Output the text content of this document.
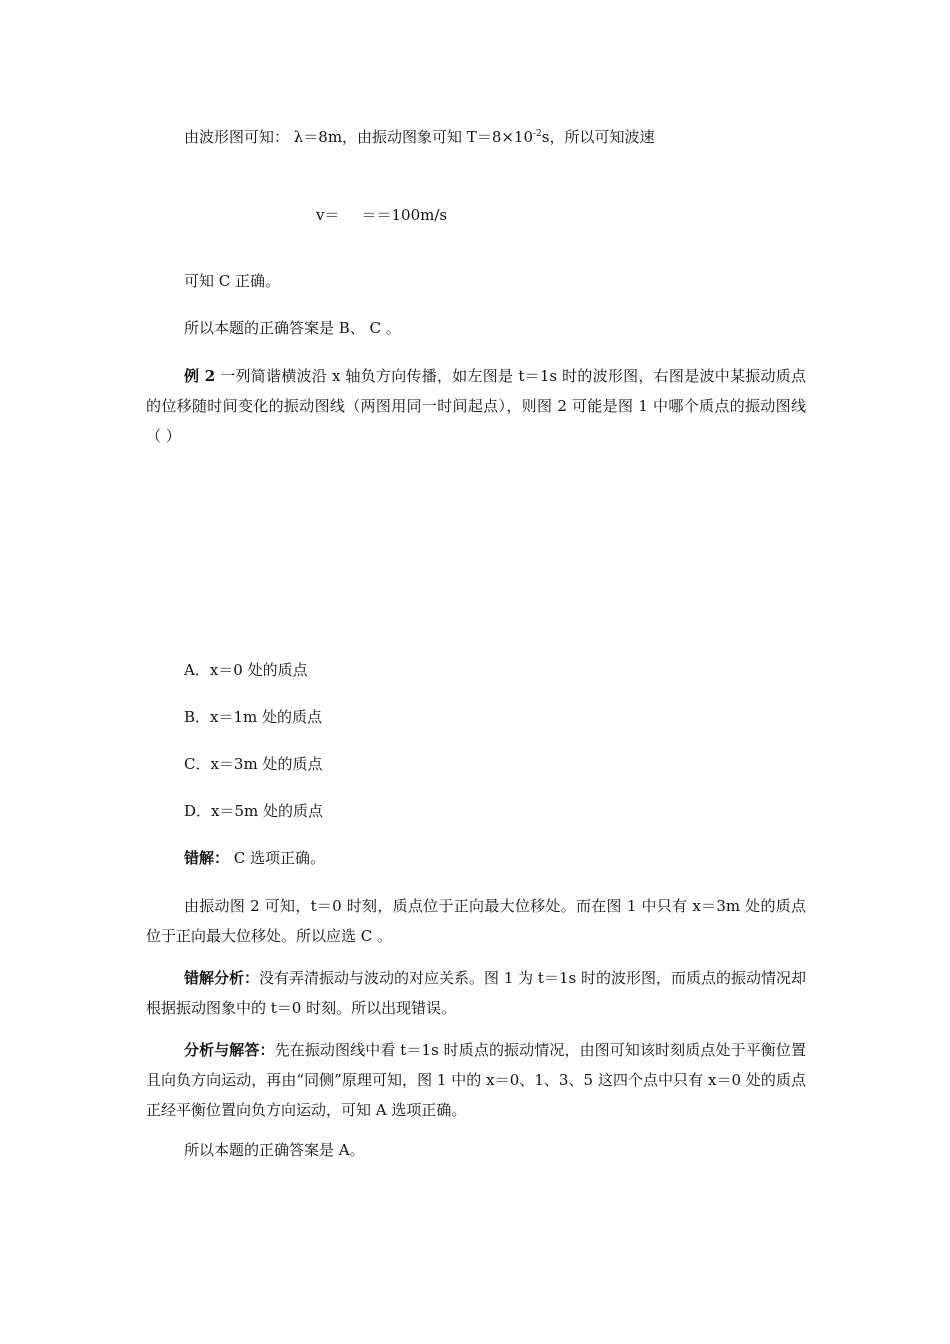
由波形图可知： λ＝8m，由振动图象可知 $T=8\times 10^{-2}s$，所以可知波速

v＝ ＝＝100m/s

可知 C 正确。

所以本题的正确答案是 B、 C 。

例 2 一列简谐横波沿 x 轴负方向传播，如左图是 t＝1s 时的波形图，右图是波中某振动质点的位移随时间变化的振动图线（两图用同一时间起点），则图 2 可能是图 1 中哪个质点的振动图线（ ）

A．x＝0 处的质点

B．x＝1m 处的质点

C．x＝3m 处的质点

D．x＝5m 处的质点

错解： C 选项正确。

由振动图 2 可知，t＝0 时刻，质点位于正向最大位移处。而在图 1 中只有 x＝3m 处的质点位于正向最大位移处。所以应选 C 。

错解分析：没有弄清振动与波动的对应关系。图 1 为 t＝1s 时的波形图，而质点的振动情况却根据振动图象中的 t＝0 时刻。所以出现错误。

分析与解答：先在振动图线中看 t＝1s 时质点的振动情况，由图可知该时刻质点处于平衡位置且向负方向运动，再由“同侧”原理可知，图 1 中的 x＝0、1、3、5 这四个点中只有 x＝0 处的质点正经平衡位置向负方向运动，可知 A 选项正确。

所以本题的正确答案是 A。
